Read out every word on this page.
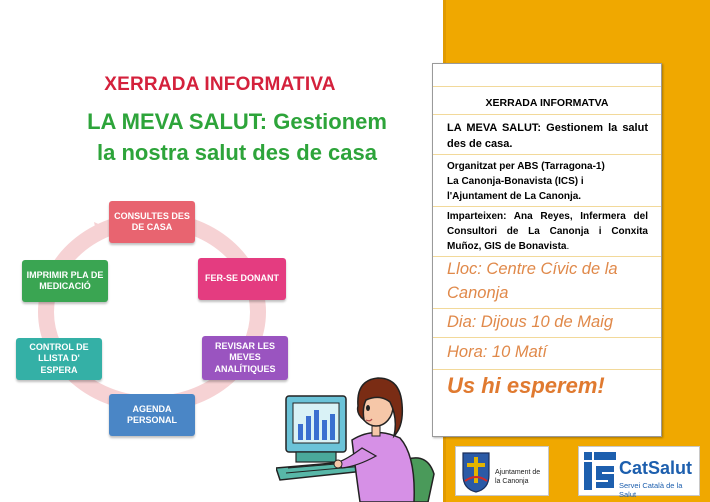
XERRADA INFORMATIVA
LA MEVA SALUT: Gestionem
la nostra salut des de casa
CONSULTES DES DE CASA
FER-SE DONANT
REVISAR LES MEVES ANALÍTIQUES
AGENDA PERSONAL
CONTROL DE LLISTA D' ESPERA
IMPRIMIR PLA DE MEDICACIÓ
XERRADA INFORMATVA
LA MEVA SALUT: Gestionem la salut des de casa.
Organitzat per ABS (Tarragona-1)
La Canonja-Bonavista (ICS) i
l'Ajuntament de La Canonja.
Imparteixen: Ana Reyes, Infermera del Consultori de La Canonja i Conxita Muñoz, GIS de Bonavista.
Lloc: Centre Cívic de la Canonja
Dia: Dijous 10 de Maig
Hora: 10 Matí
Us hi esperem!
Ajuntament de
la Canonja
CatSalut
Servei Català de la Salut
